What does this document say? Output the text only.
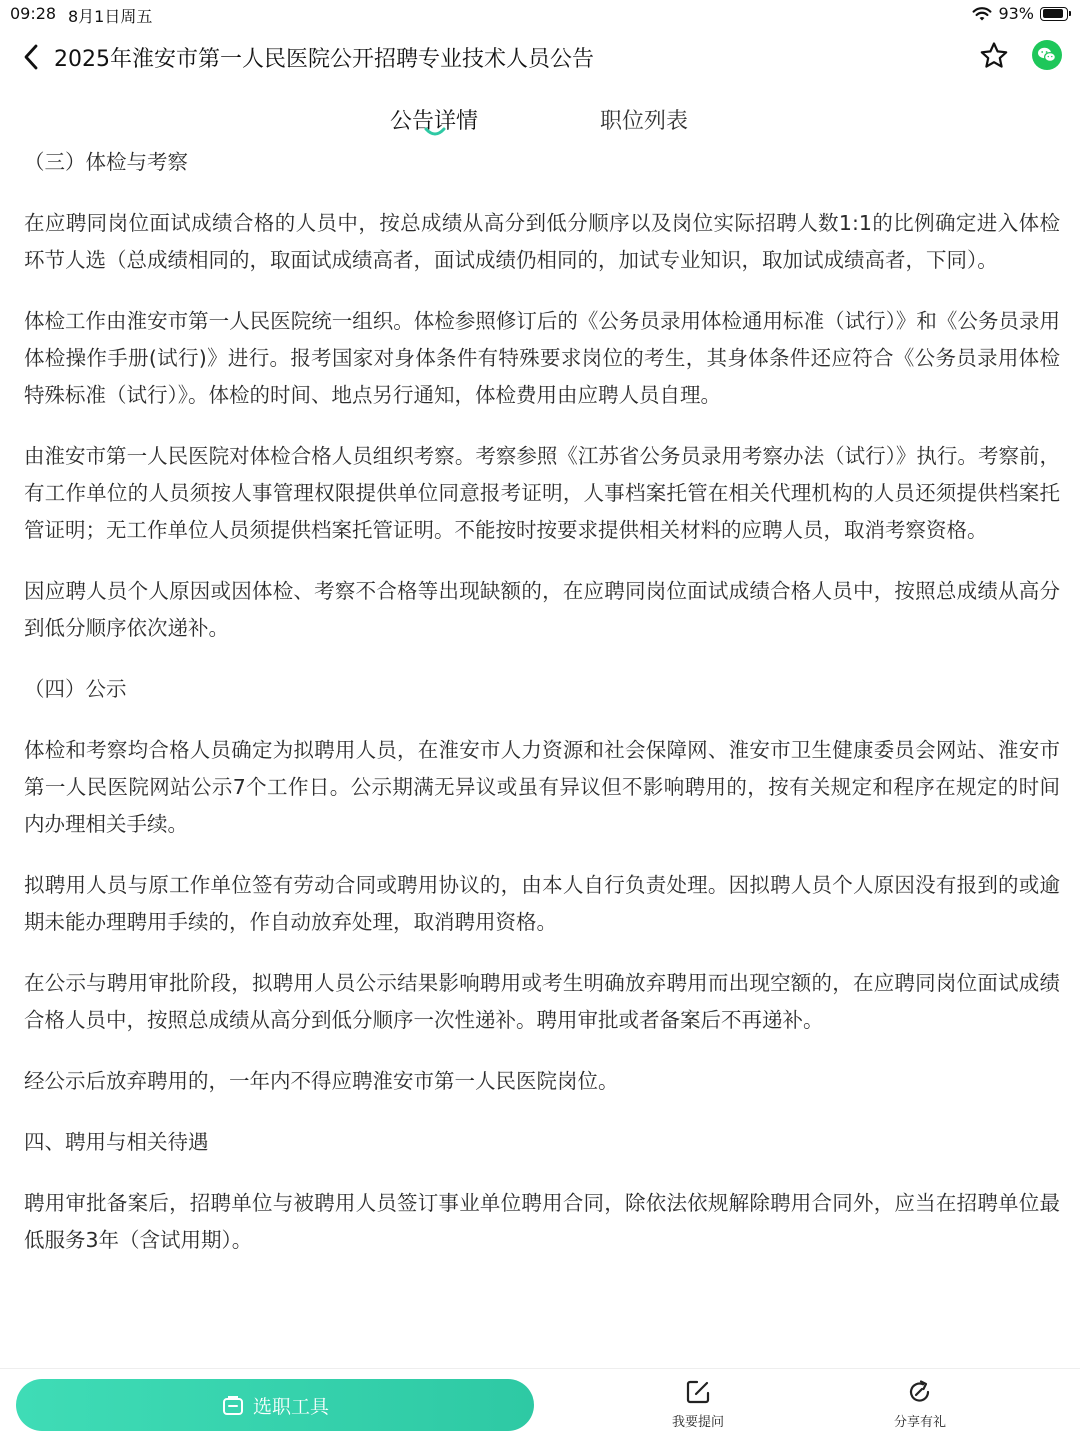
09:28 8月1日周五	93%
2025年淮安市第一人民医院公开招聘专业技术人员公告
公告详情	职位列表

（三）体检与考察

在应聘同岗位面试成绩合格的人员中，按总成绩从高分到低分顺序以及岗位实际招聘人数1:1的比例确定进入体检环节人选（总成绩相同的，取面试成绩高者，面试成绩仍相同的，加试专业知识，取加试成绩高者，下同）。

体检工作由淮安市第一人民医院统一组织。体检参照修订后的《公务员录用体检通用标准（试行）》和《公务员录用体检操作手册(试行)》进行。报考国家对身体条件有特殊要求岗位的考生，其身体条件还应符合《公务员录用体检特殊标准（试行）》。体检的时间、地点另行通知，体检费用由应聘人员自理。

由淮安市第一人民医院对体检合格人员组织考察。考察参照《江苏省公务员录用考察办法（试行）》执行。考察前，有工作单位的人员须按人事管理权限提供单位同意报考证明，人事档案托管在相关代理机构的人员还须提供档案托管证明；无工作单位人员须提供档案托管证明。不能按时按要求提供相关材料的应聘人员，取消考察资格。

因应聘人员个人原因或因体检、考察不合格等出现缺额的，在应聘同岗位面试成绩合格人员中，按照总成绩从高分到低分顺序依次递补。

（四）公示

体检和考察均合格人员确定为拟聘用人员，在淮安市人力资源和社会保障网、淮安市卫生健康委员会网站、淮安市第一人民医院网站公示7个工作日。公示期满无异议或虽有异议但不影响聘用的，按有关规定和程序在规定的时间内办理相关手续。

拟聘用人员与原工作单位签有劳动合同或聘用协议的，由本人自行负责处理。因拟聘人员个人原因没有报到的或逾期未能办理聘用手续的，作自动放弃处理，取消聘用资格。

在公示与聘用审批阶段，拟聘用人员公示结果影响聘用或考生明确放弃聘用而出现空额的，在应聘同岗位面试成绩合格人员中，按照总成绩从高分到低分顺序一次性递补。聘用审批或者备案后不再递补。

经公示后放弃聘用的，一年内不得应聘淮安市第一人民医院岗位。

四、聘用与相关待遇

聘用审批备案后，招聘单位与被聘用人员签订事业单位聘用合同，除依法依规解除聘用合同外，应当在招聘单位最低服务3年（含试用期）。

选职工具
我要提问	分享有礼
